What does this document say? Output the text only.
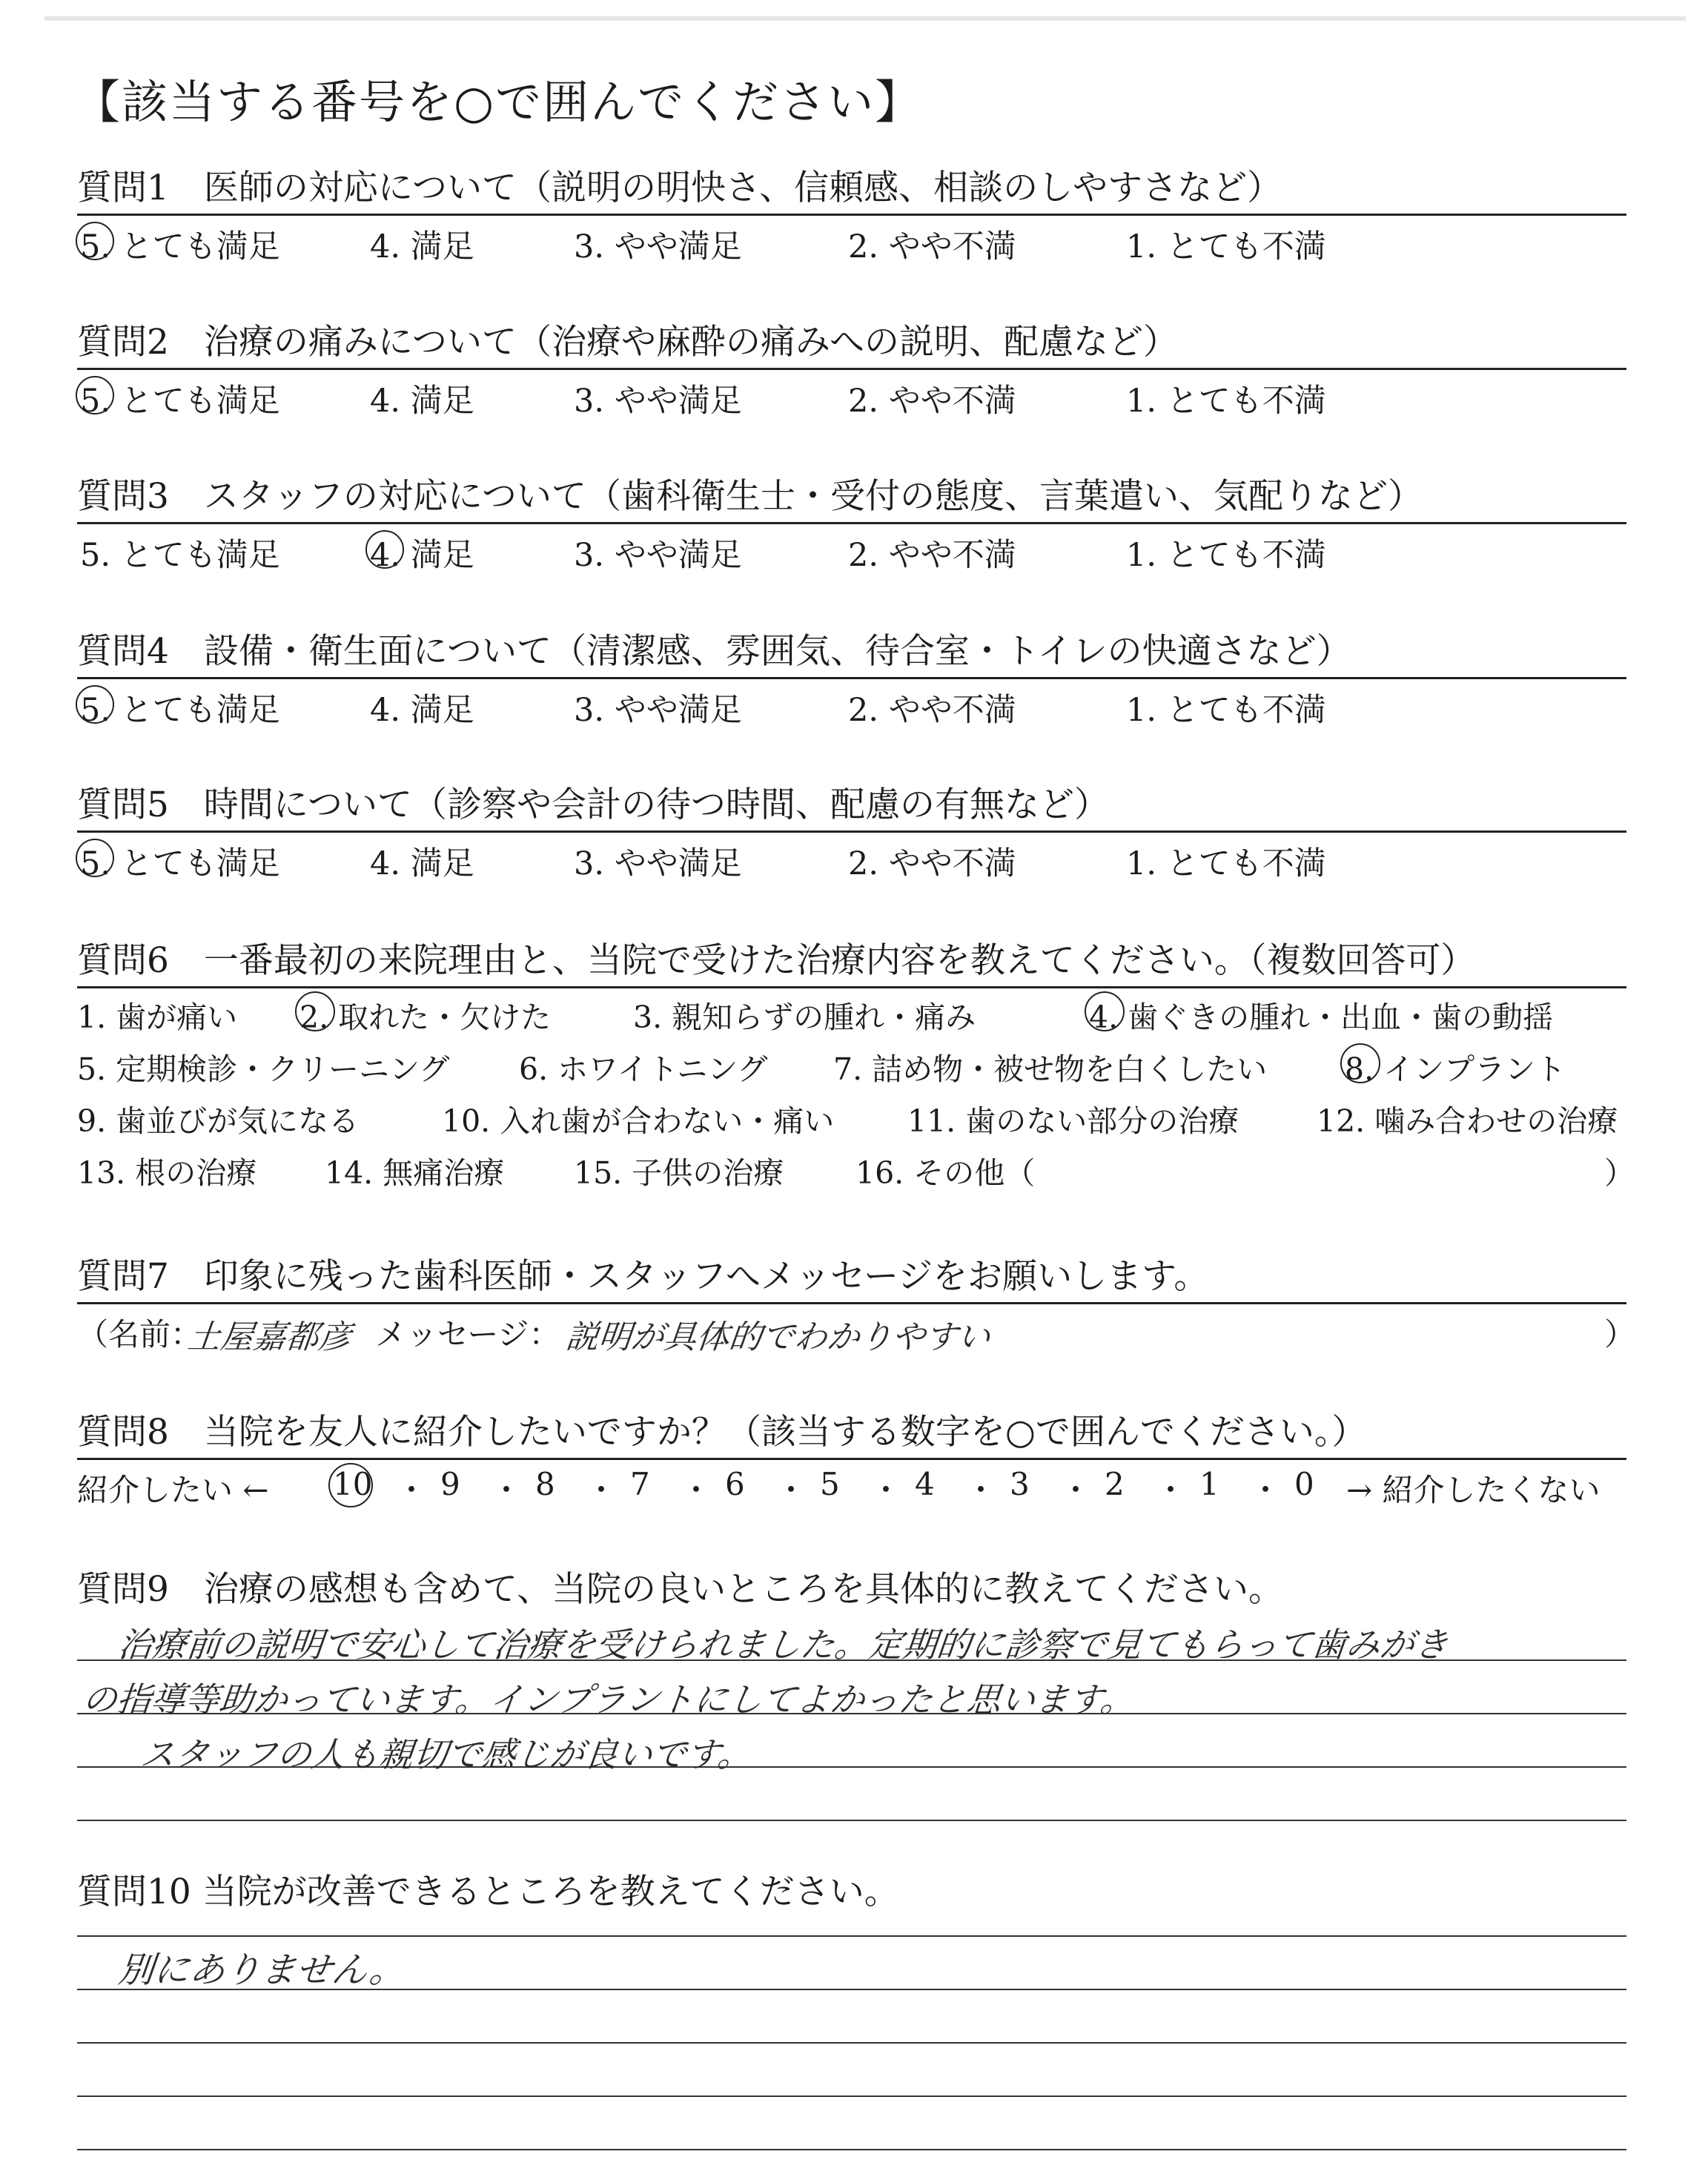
【該当する番号を○で囲んでください】
質問1　医師の対応について（説明の明快さ、信頼感、相談のしやすさなど）
5. とても満足	4. 満足	3. やや満足	2. やや不満	1. とても不満
質問2　治療の痛みについて（治療や麻酔の痛みへの説明、配慮など）
5. とても満足	4. 満足	3. やや満足	2. やや不満	1. とても不満
質問3　スタッフの対応について（歯科衛生士・受付の態度、言葉遣い、気配りなど）
5. とても満足	4. 満足	3. やや満足	2. やや不満	1. とても不満
質問4　設備・衛生面について（清潔感、雰囲気、待合室・トイレの快適さなど）
5. とても満足	4. 満足	3. やや満足	2. やや不満	1. とても不満
質問5　時間について（診察や会計の待つ時間、配慮の有無など）
5. とても満足	4. 満足	3. やや満足	2. やや不満	1. とても不満
質問6　一番最初の来院理由と、当院で受けた治療内容を教えてください。（複数回答可）
1. 歯が痛い 2. 取れた・欠けた	3. 親知らずの腫れ・痛み	4. 歯ぐきの腫れ・出血・歯の動揺
5. 定期検診・クリーニング 6. ホワイトニング 7. 詰め物・被せ物を白くしたい	8. インプラント
9. 歯並びが気になる	10. 入れ歯が合わない・痛い 11. 歯のない部分の治療	12. 噛み合わせの治療
13. 根の治療 14. 無痛治療 15. 子供の治療 16. その他（	）
質問7　印象に残った歯科医師・スタッフへメッセージをお願いします。
（名前：
土屋嘉都彦 メッセージ： 説明が具体的でわかりやすい	）
質問8　当院を友人に紹介したいですか？（該当する数字を○で囲んでください。）
紹介したい ← 10 ・ 9 ・ 8 ・ 7 ・ 6 ・ 5 ・ 4 ・ 3 ・ 2 ・ 1 ・ 0 → 紹介したくない
質問9　治療の感想も含めて、当院の良いところを具体的に教えてください。
治療前の説明で安心して治療を受けられました。定期的に診察で見てもらって歯みがき
の指導等助かっています。インプラントにしてよかったと思います。
スタッフの人も親切で感じが良いです。
質問10 当院が改善できるところを教えてください。
別にありません。
